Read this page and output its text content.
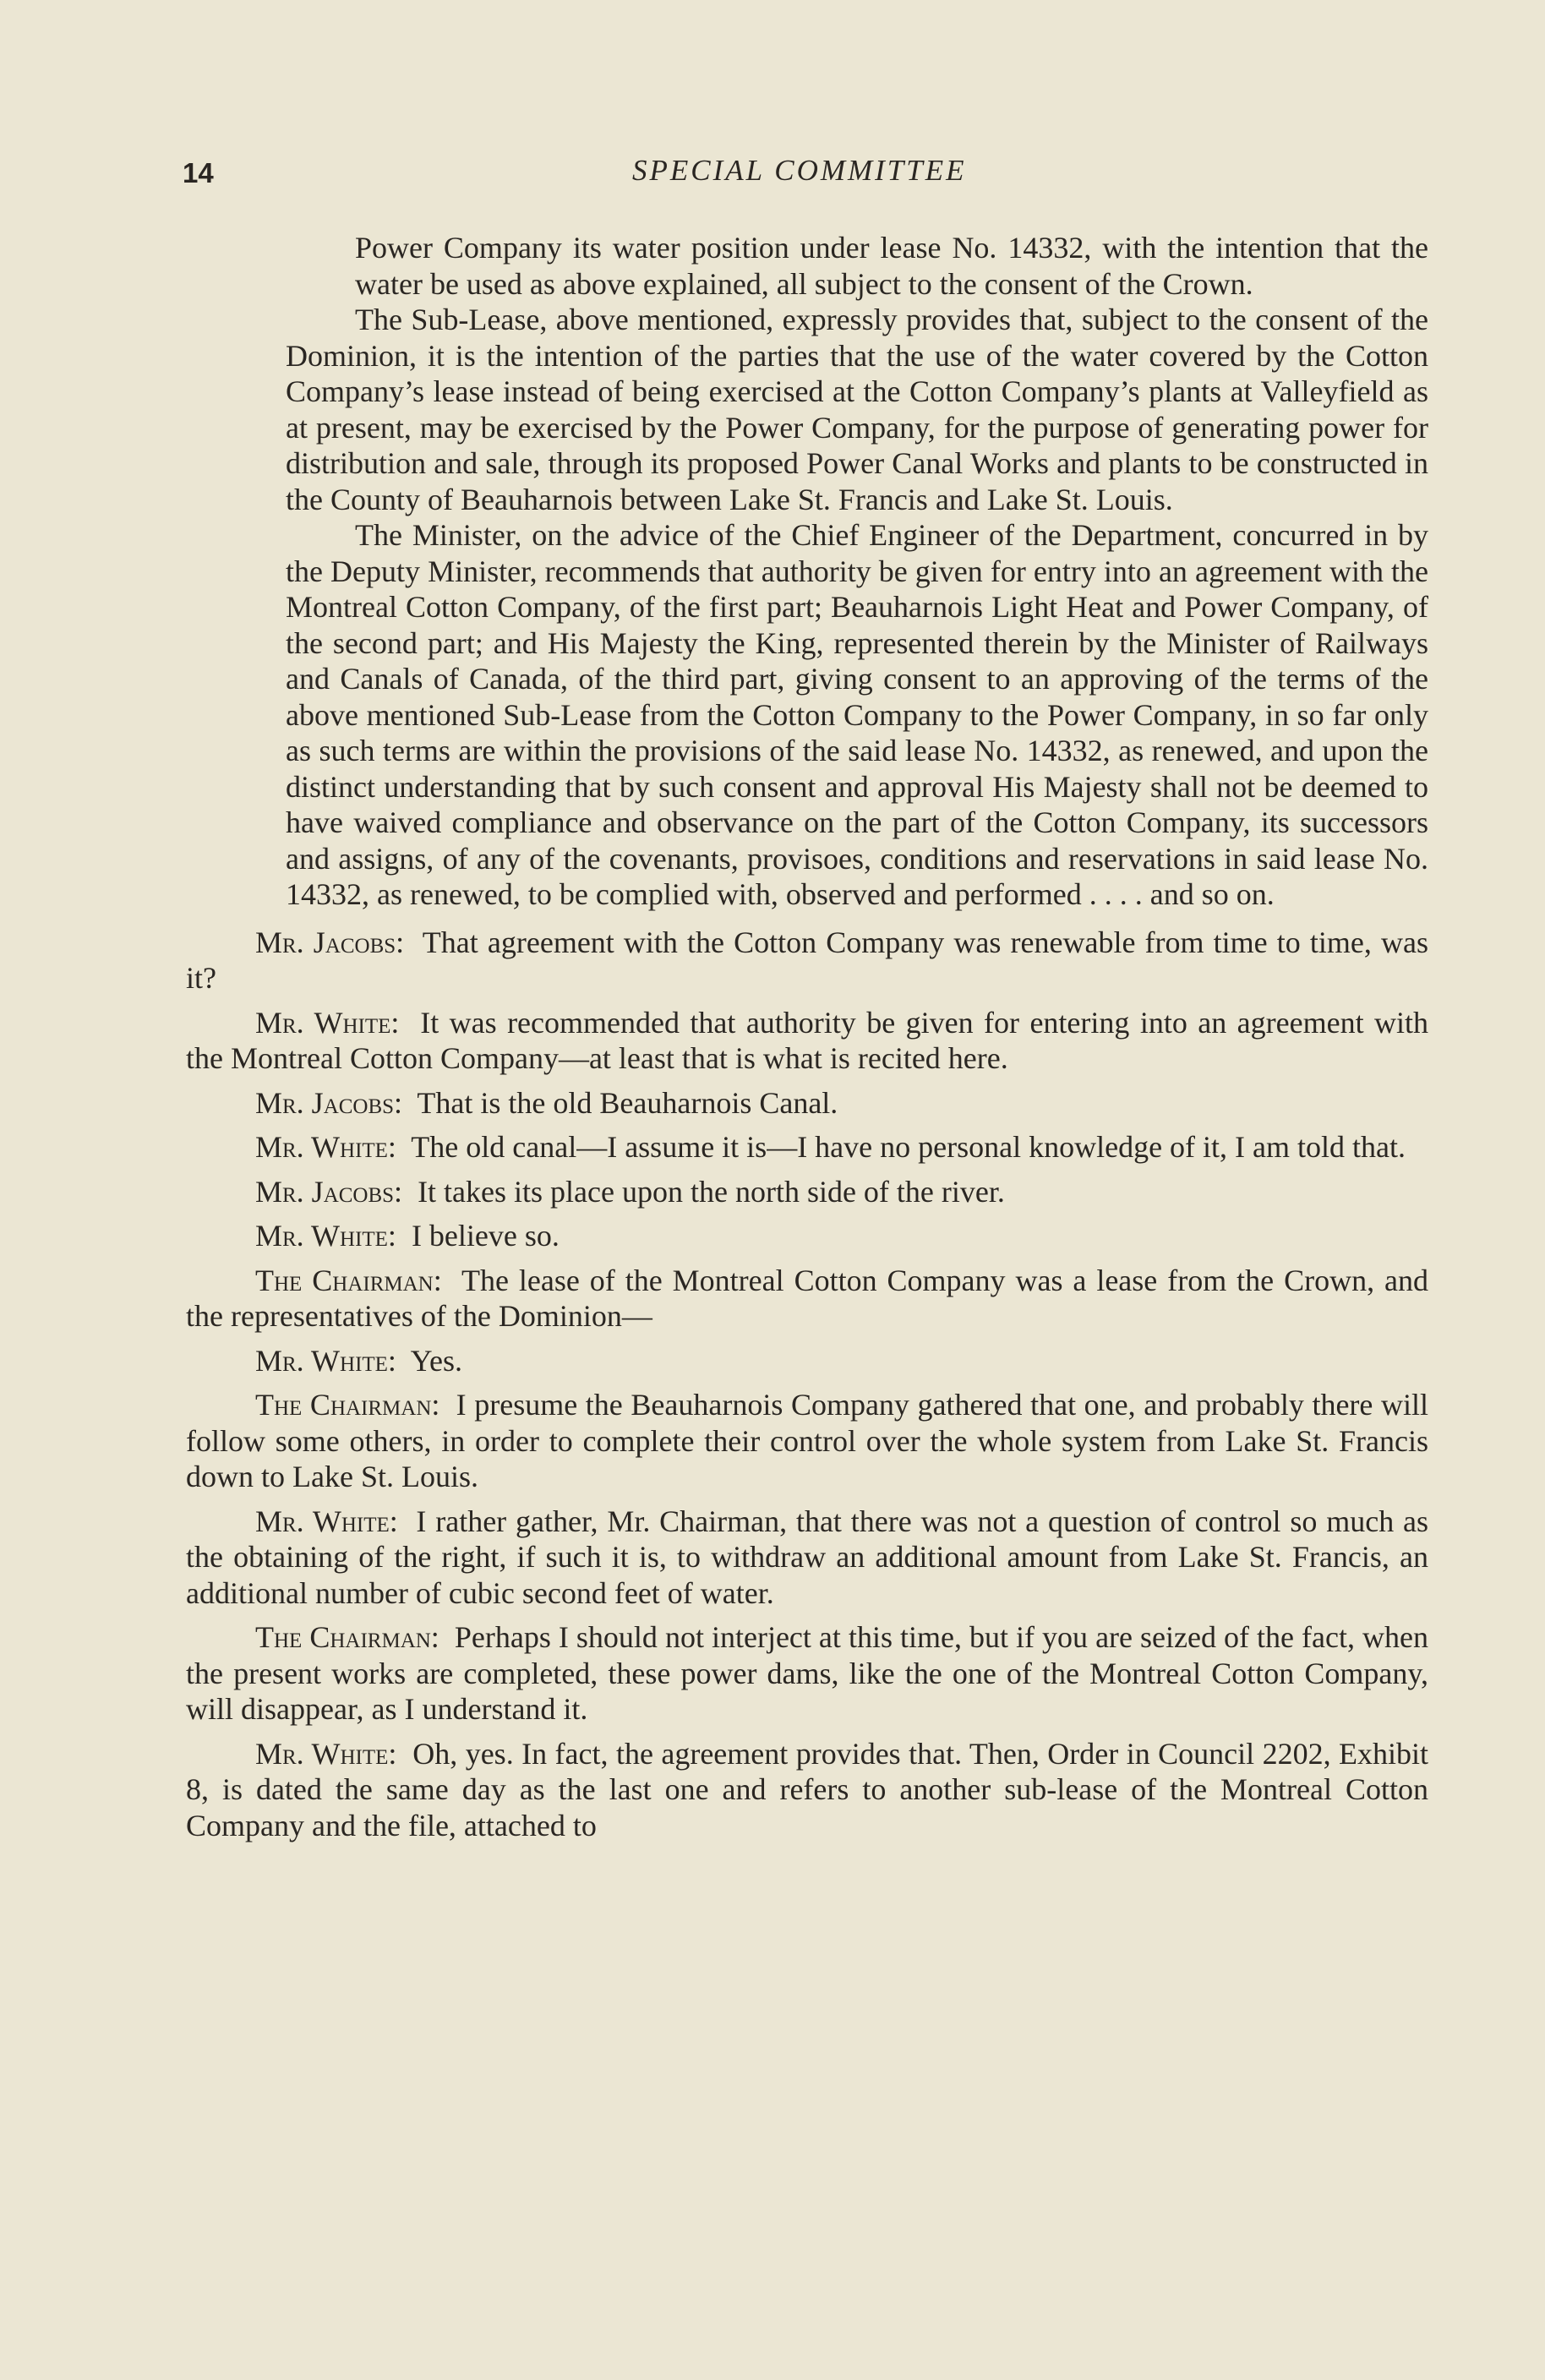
14	SPECIAL COMMITTEE

Power Company its water position under lease No. 14332, with the intention that the water be used as above explained, all subject to the consent of the Crown.

The Sub-Lease, above mentioned, expressly provides that, subject to the consent of the Dominion, it is the intention of the parties that the use of the water covered by the Cotton Company’s lease instead of being exercised at the Cotton Company’s plants at Valleyfield as at present, may be exercised by the Power Company, for the purpose of generating power for distribution and sale, through its proposed Power Canal Works and plants to be constructed in the County of Beauharnois between Lake St. Francis and Lake St. Louis.

The Minister, on the advice of the Chief Engineer of the Department, concurred in by the Deputy Minister, recommends that authority be given for entry into an agreement with the Montreal Cotton Company, of the first part; Beauharnois Light Heat and Power Company, of the second part; and His Majesty the King, represented therein by the Minister of Railways and Canals of Canada, of the third part, giving consent to an approving of the terms of the above mentioned Sub-Lease from the Cotton Company to the Power Company, in so far only as such terms are within the provisions of the said lease No. 14332, as renewed, and upon the distinct understanding that by such consent and approval His Majesty shall not be deemed to have waived compliance and observance on the part of the Cotton Company, its successors and assigns, of any of the covenants, provisoes, conditions and reservations in said lease No. 14332, as renewed, to be complied with, observed and performed . . . . and so on.

Mr. Jacobs: That agreement with the Cotton Company was renewable from time to time, was it?

Mr. White: It was recommended that authority be given for entering into an agreement with the Montreal Cotton Company—at least that is what is recited here.

Mr. Jacobs: That is the old Beauharnois Canal.

Mr. White: The old canal—I assume it is—I have no personal knowledge of it, I am told that.

Mr. Jacobs: It takes its place upon the north side of the river.

Mr. White: I believe so.

The Chairman: The lease of the Montreal Cotton Company was a lease from the Crown, and the representatives of the Dominion—

Mr. White: Yes.

The Chairman: I presume the Beauharnois Company gathered that one, and probably there will follow some others, in order to complete their control over the whole system from Lake St. Francis down to Lake St. Louis.

Mr. White: I rather gather, Mr. Chairman, that there was not a question of control so much as the obtaining of the right, if such it is, to withdraw an additional amount from Lake St. Francis, an additional number of cubic second feet of water.

The Chairman: Perhaps I should not interject at this time, but if you are seized of the fact, when the present works are completed, these power dams, like the one of the Montreal Cotton Company, will disappear, as I understand it.

Mr. White: Oh, yes. In fact, the agreement provides that. Then, Order in Council 2202, Exhibit 8, is dated the same day as the last one and refers to another sub-lease of the Montreal Cotton Company and the file, attached to
